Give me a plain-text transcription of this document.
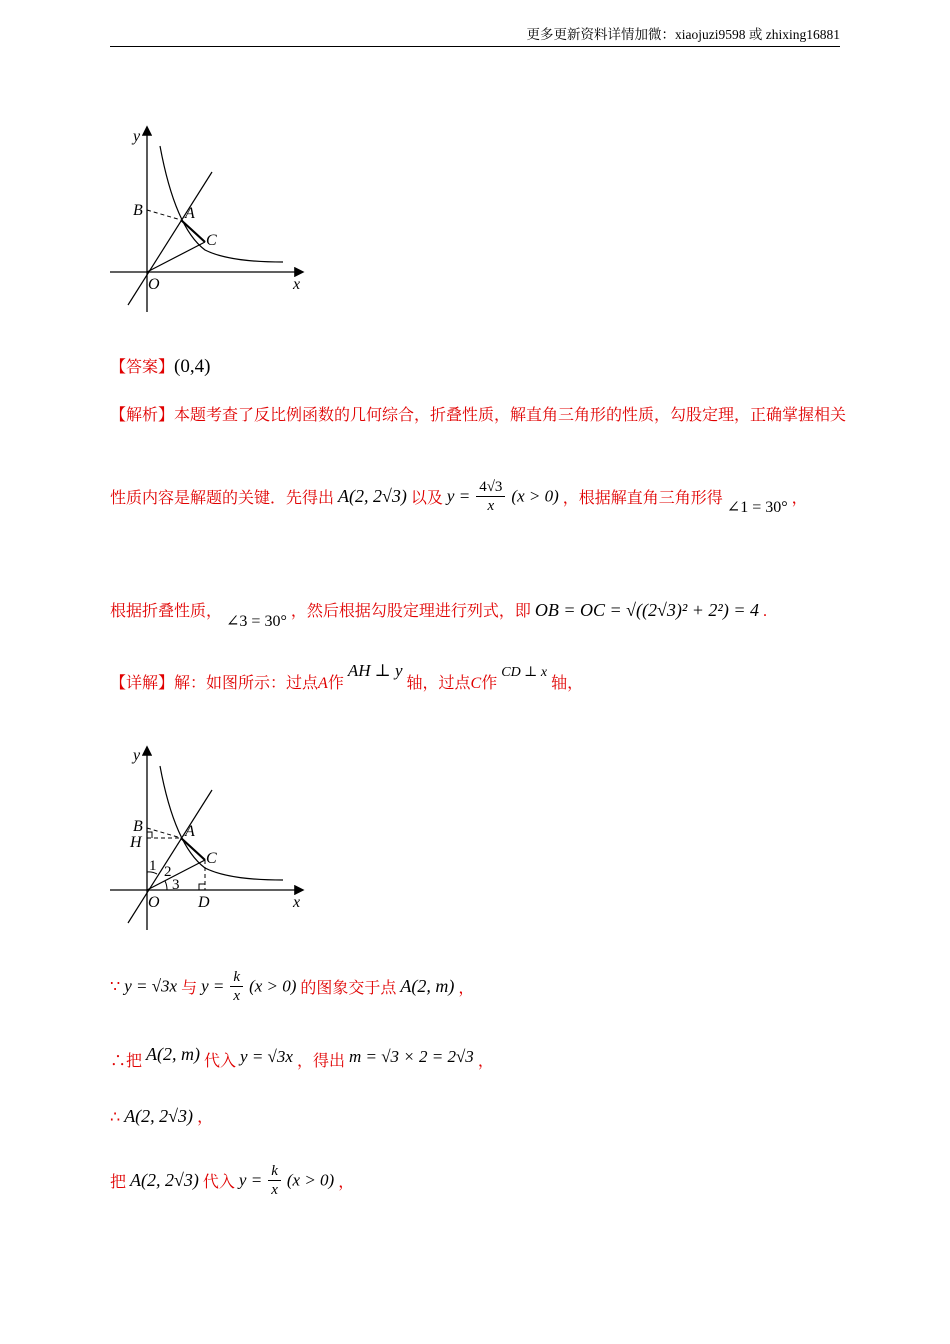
更多更新资料详情加微：xiaojuzi9598 或 zhixing16881
y
x
O
B	A
C
【答案】(0,4)
【解析】本题考查了反比例函数的几何综合，折叠性质，解直角三角形的性质，勾股定理，正确掌握相关
性质内容是解题的关键．先得出 A(2, 2√3) 以及 $y = \frac{4√3}{x} (x > 0)$ ，根据解直角三角形得 ∠1 = 30° ，
根据折叠性质， ∠3 = 30° ，然后根据勾股定理进行列式，即 OB = OC = √((2√3)² + 2²) = 4 .
【详解】解：如图所示：过点A作 AH ⊥ y 轴，过点C作 CD ⊥ x 轴，
y
x
O
B
H
A
C
D
1 2
3
∵ y = √3x 与 $y = \frac{k}{x} (x > 0)$ 的图象交于点 A(2, m) ，
∴把 A(2, m) 代入 y = √3x ，得出 m = √3 × 2 = 2√3 ，
∴ A(2, 2√3) ，
把 A(2, 2√3) 代入 $y = \frac{k}{x} (x > 0)$ ，
